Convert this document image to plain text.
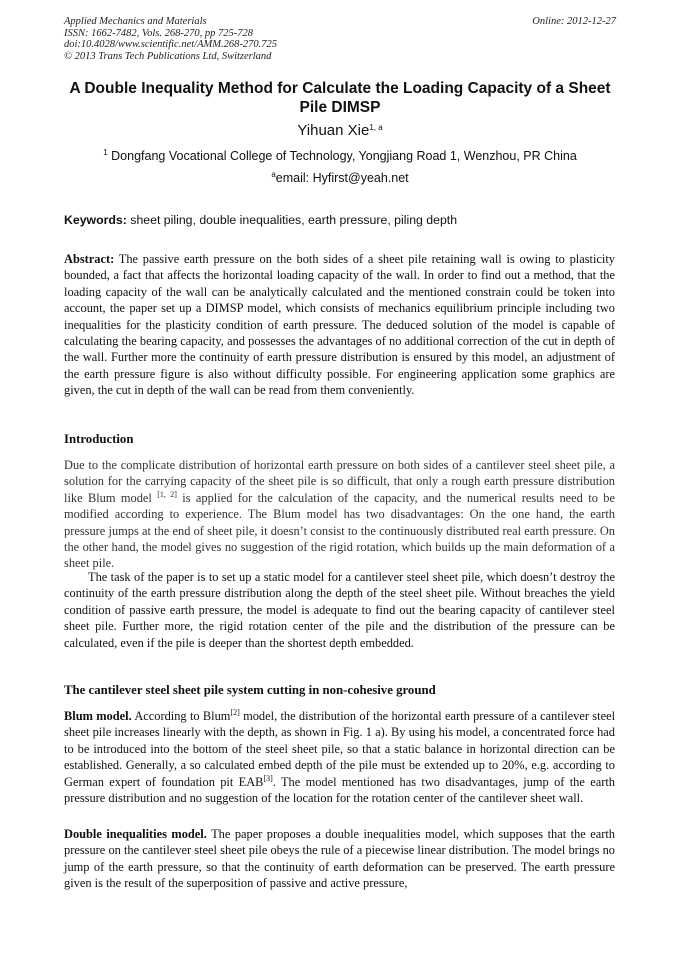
Applied Mechanics and Materials
ISSN: 1662-7482, Vols. 268-270, pp 725-728
doi:10.4028/www.scientific.net/AMM.268-270.725
© 2013 Trans Tech Publications Ltd, Switzerland
Online: 2012-12-27
A Double Inequality Method for Calculate the Loading Capacity of a Sheet Pile DIMSP
Yihuan Xie$^{1, a}$
$^1$ Dongfang Vocational College of Technology, Yongjiang Road 1, Wenzhou, PR China
$^a$email: Hyfirst@yeah.net
Keywords: sheet piling, double inequalities, earth pressure, piling depth
Abstract: The passive earth pressure on the both sides of a sheet pile retaining wall is owing to plasticity bounded, a fact that affects the horizontal loading capacity of the wall. In order to find out a method, that the loading capacity of the wall can be analytically calculated and the mentioned constrain could be token into account, the paper set up a DIMSP model, which consists of mechanics equilibrium principle including two inequalities for the plasticity condition of earth pressure. The deduced solution of the model is capable of calculating the bearing capacity, and possesses the advantages of no additional correction of the cut in depth of the wall. Further more the continuity of earth pressure distribution is ensured by this model, an adjustment of the earth pressure figure is also without difficulty possible. For engineering application some graphics are given, the cut in depth of the wall can be read from them conveniently.
Introduction
Due to the complicate distribution of horizontal earth pressure on both sides of a cantilever steel sheet pile, a solution for the carrying capacity of the sheet pile is so difficult, that only a rough earth pressure distribution like Blum model [1, 2] is applied for the calculation of the capacity, and the numerical results need to be modified according to experience. The Blum model has two disadvantages: On the one hand, the earth pressure jumps at the end of sheet pile, it doesn’t consist to the continuously distributed real earth pressure. On the other hand, the model gives no suggestion of the rigid rotation, which builds up the main deformation of a sheet pile.
The task of the paper is to set up a static model for a cantilever steel sheet pile, which doesn’t destroy the continuity of the earth pressure distribution along the depth of the steel sheet pile. Without breaches the yield condition of passive earth pressure, the model is adequate to find out the bearing capacity of cantilever steel sheet pile. Further more, the rigid rotation center of the pile and the distribution of the pressure can be calculated, even if the pile is deeper than the shortest depth embedded.
The cantilever steel sheet pile system cutting in non-cohesive ground
Blum model. According to Blum[2] model, the distribution of the horizontal earth pressure of a cantilever steel sheet pile increases linearly with the depth, as shown in Fig. 1 a). By using his model, a concentrated force had to be introduced into the bottom of the steel sheet pile, so that a static balance in horizontal direction can be established. Generally, a so calculated embed depth of the pile must be extended up to 20%, e.g. according to German expert of foundation pit EAB[3]. The model mentioned has two disadvantages, jump of the earth pressure distribution and no suggestion of the location for the rotation center of the cantilever sheet wall.
Double inequalities model. The paper proposes a double inequalities model, which supposes that the earth pressure on the cantilever steel sheet pile obeys the rule of a piecewise linear distribution. The model brings no jump of the earth pressure, so that the continuity of earth deformation can be preserved. The earth pressure given is the result of the superposition of passive and active pressure,
